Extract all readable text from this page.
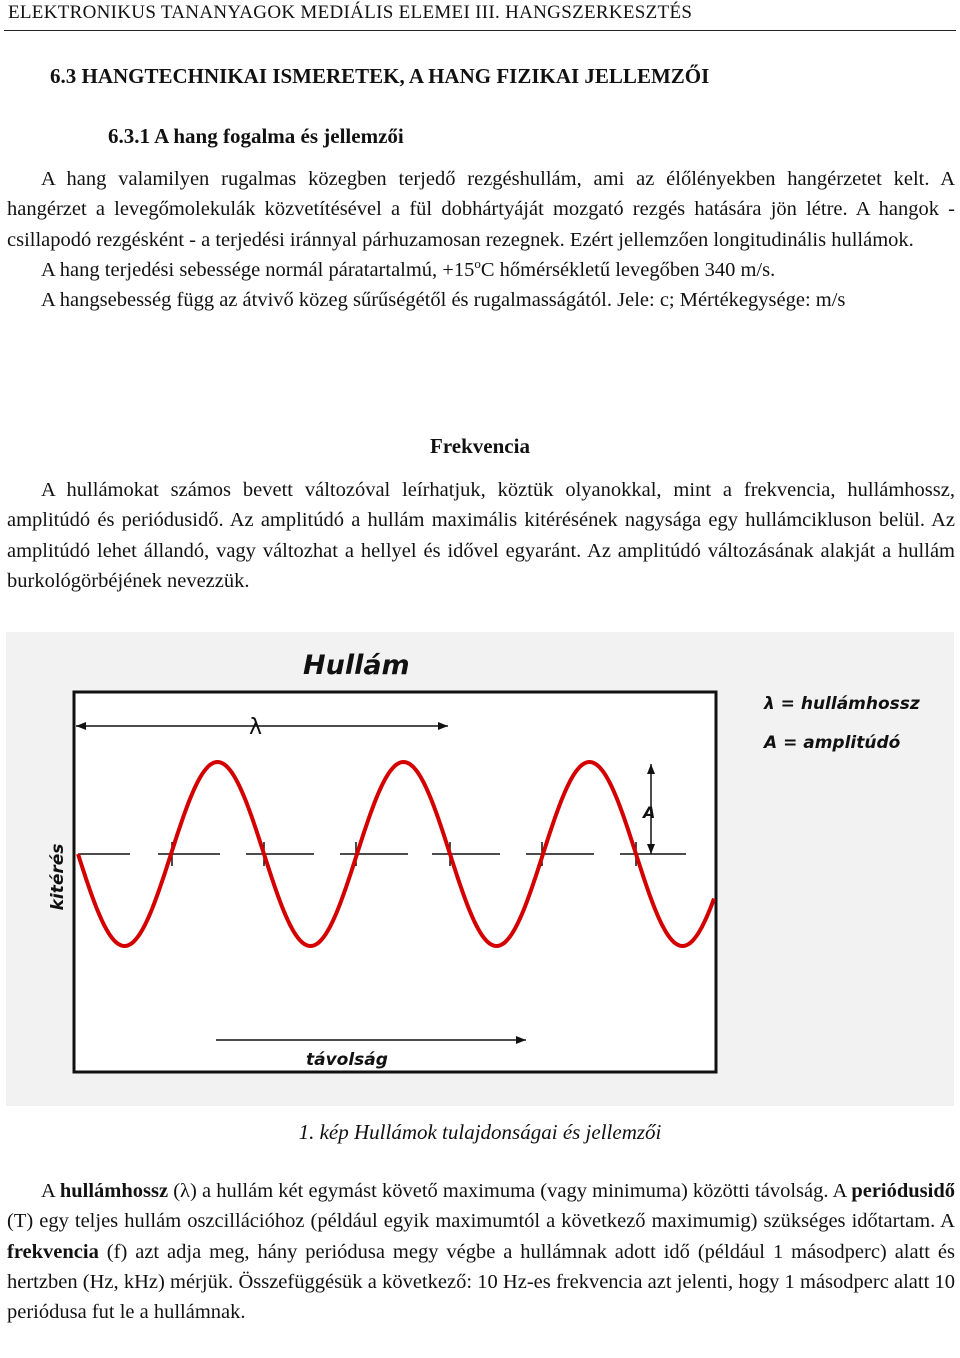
ELEKTRONIKUS TANANYAGOK MEDIÁLIS ELEMEI III. HANGSZERKESZTÉS
6.3 HANGTECHNIKAI ISMERETEK, A HANG FIZIKAI JELLEMZŐI
6.3.1 A hang fogalma és jellemzői

A hang valamilyen rugalmas közegben terjedő rezgéshullám, ami az élőlényekben hangérzetet kelt. A hangérzet a levegőmolekulák közvetítésével a fül dobhártyáját mozgató rezgés hatására jön létre. A hangok - csillapodó rezgésként - a terjedési iránnyal párhuzamosan rezegnek. Ezért jellemzően longitudinális hullámok.

A hang terjedési sebessége normál páratartalmú, $+15^oC$ hőmérsékletű levegőben 340 m/s.

A hangsebesség függ az átvivő közeg sűrűségétől és rugalmasságától. Jele: c; Mértékegysége: m/s

Frekvencia

A hullámokat számos bevett változóval leírhatjuk, köztük olyanokkal, mint a frekvencia, hullámhossz, amplitúdó és periódusidő. Az amplitúdó a hullám maximális kitérésének nagysága egy hullámcikluson belül. Az amplitúdó lehet állandó, vagy változhat a hellyel és idővel egyaránt. Az amplitúdó változásának alakját a hullám burkológörbéjének nevezzük.

Hullám
λ
A
λ = hullámhossz
A = amplitúdó
kitérés
távolság
1. kép Hullámok tulajdonságai és jellemzői

A hullámhossz (λ) a hullám két egymást követő maximuma (vagy minimuma) közötti távolság. A periódusidő (T) egy teljes hullám oszcillációhoz (például egyik maximumtól a következő maximumig) szükséges időtartam. A frekvencia (f) azt adja meg, hány periódusa megy végbe a hullámnak adott idő (például 1 másodperc) alatt és hertzben (Hz, kHz) mérjük. Összefüggésük a következő: 10 Hz-es frekvencia azt jelenti, hogy 1 másodperc alatt 10 periódusa fut le a hullámnak.
